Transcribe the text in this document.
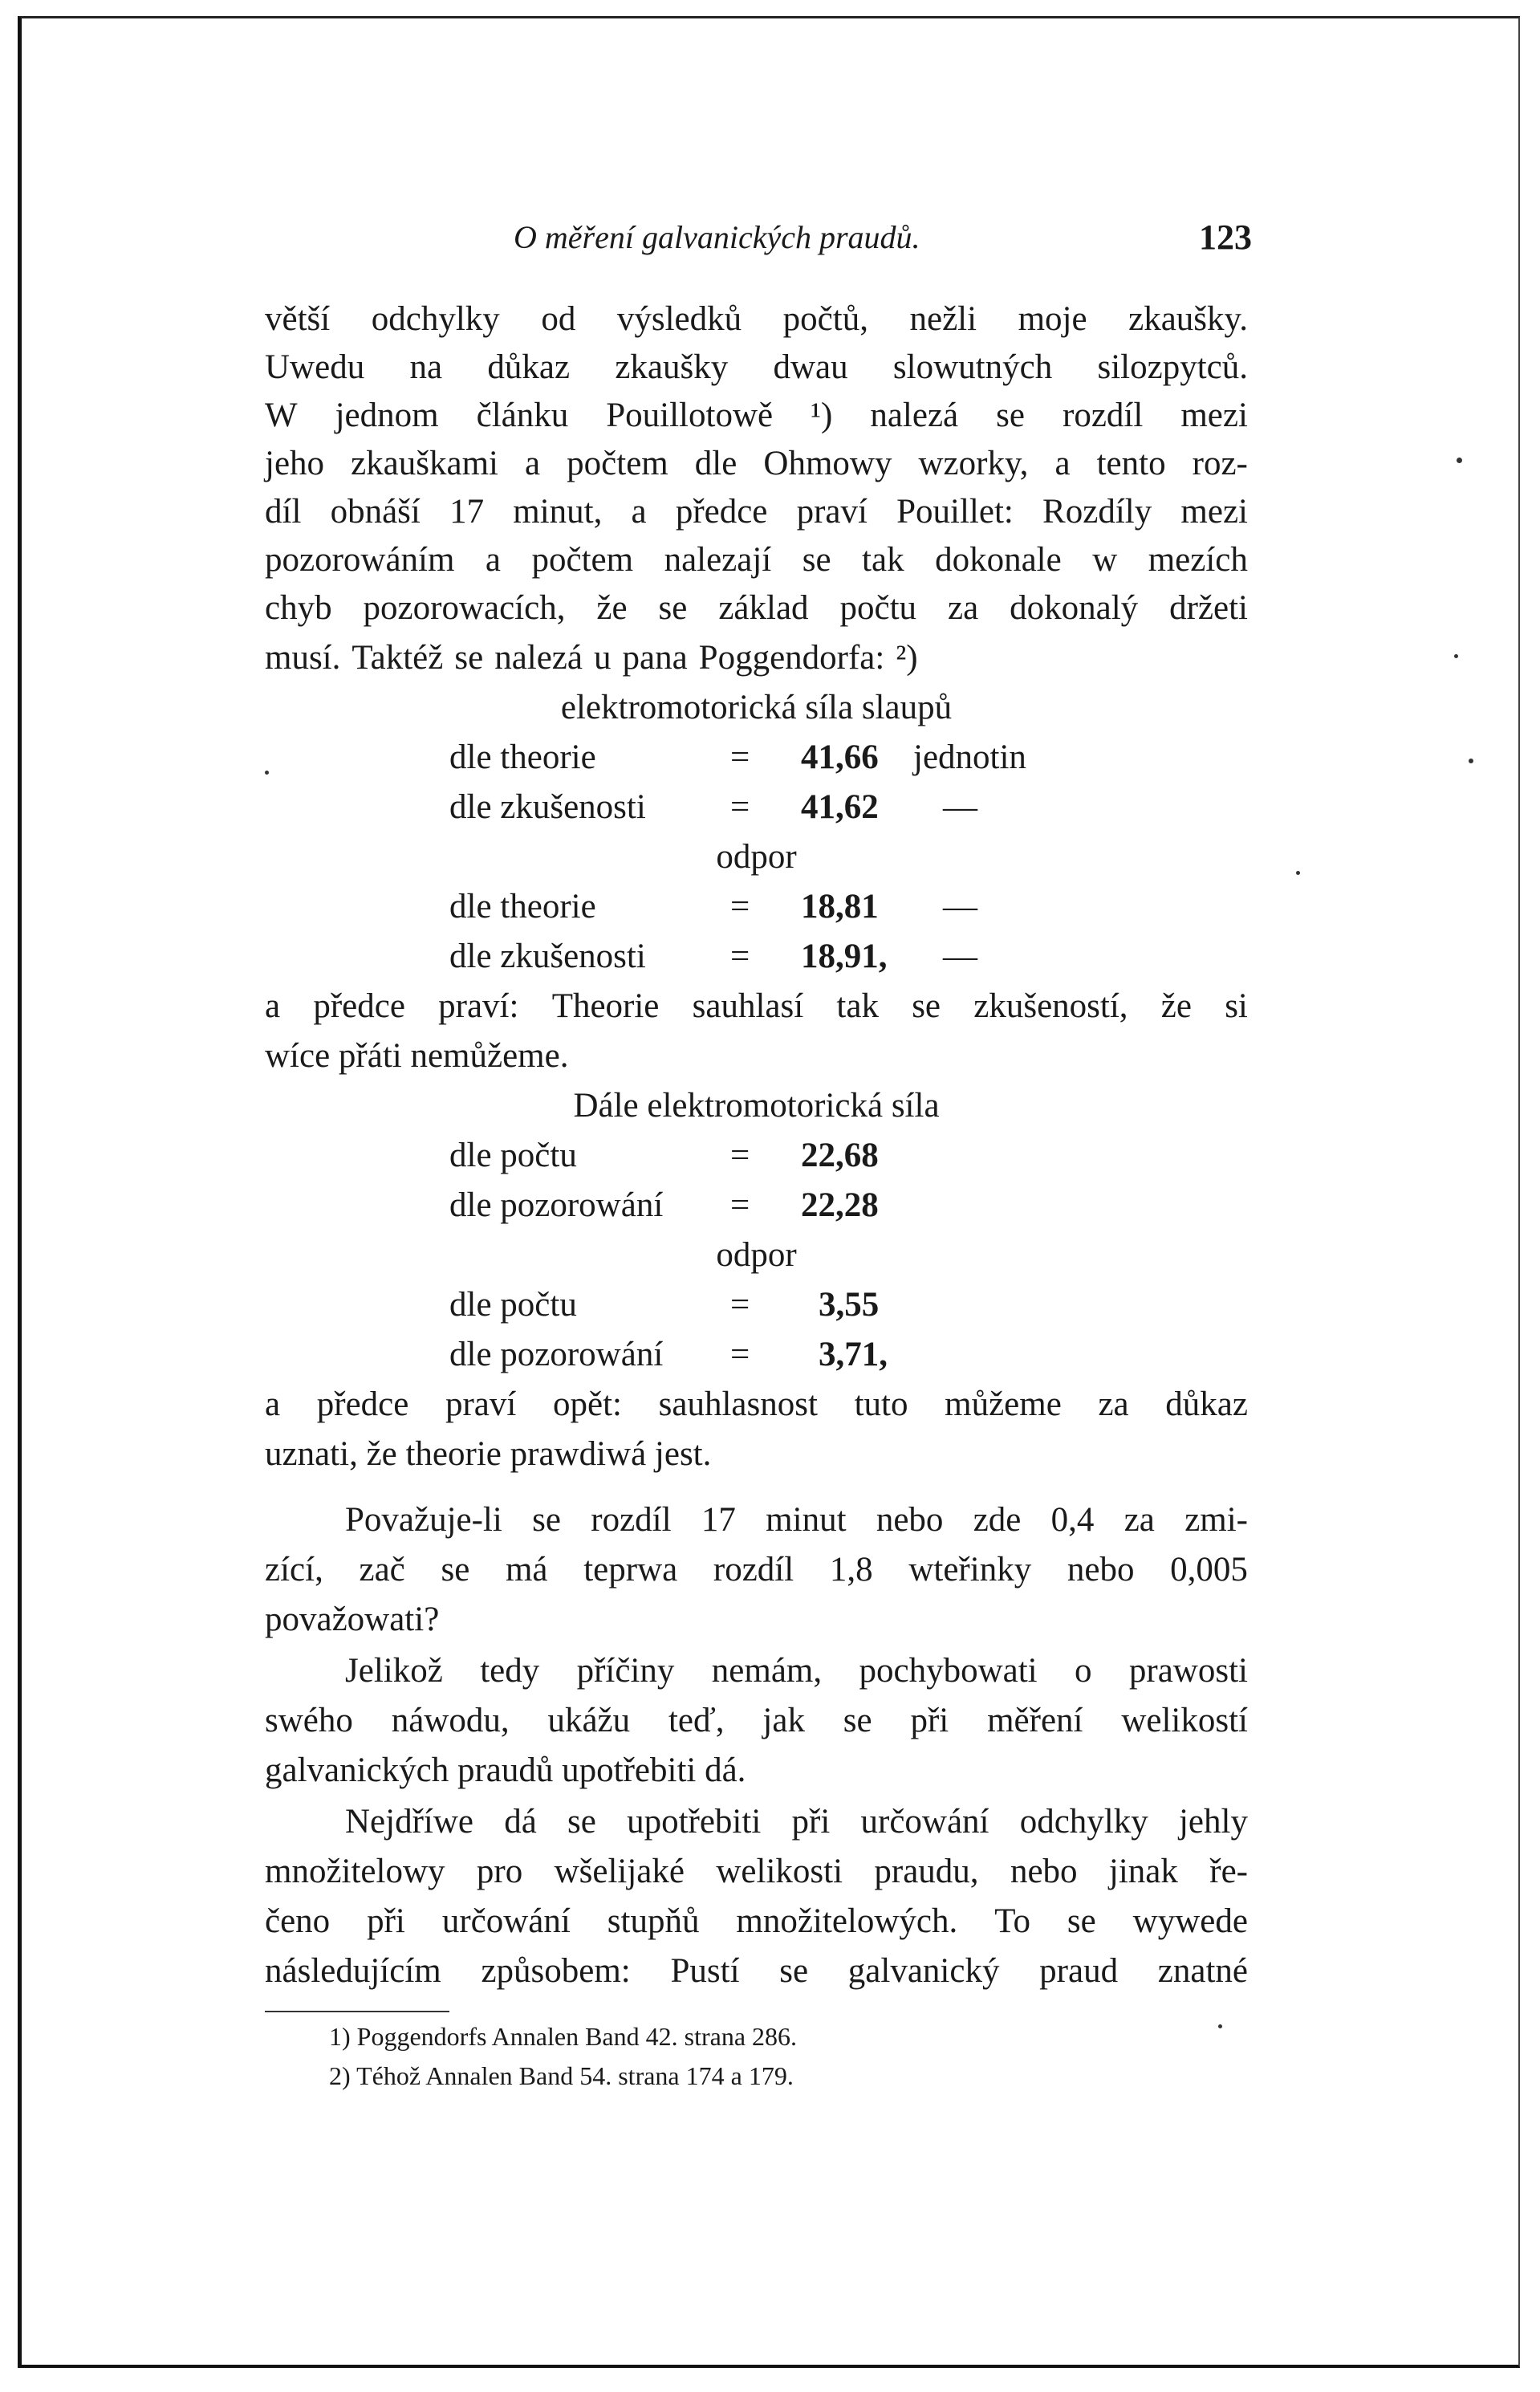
O měření galvanických praudů.	123
větší odchylky od výsledků počtů, nežli moje zkaušky.
Uwedu na důkaz zkaušky dwau slowutných silozpytců.
W jednom článku Pouillotowě ¹) nalezá se rozdíl mezi
jeho zkauškami a počtem dle Ohmowy wzorky, a tento roz-
díl obnáší 17 minut, a předce praví Pouillet: Rozdíly mezi
pozorowáním a počtem nalezají se tak dokonale w mezích
chyb pozorowacích, že se základ počtu za dokonalý držeti
musí. Taktéž se nalezá u pana Poggendorfa: ²)
elektromotorická síla slaupů
dle theorie	= 41,66 jednotin
dle zkušenosti = 41,62 —
odpor
dle theorie	= 18,81 —
dle zkušenosti = 18,91, —
a předce praví: Theorie sauhlasí tak se zkušeností, že si
wíce přáti nemůžeme.
Dále elektromotorická síla
dle počtu	= 22,68
dle pozorowání = 22,28
odpor
dle počtu	= 3,55
dle pozorowání = 3,71,
a předce praví opět: sauhlasnost tuto můžeme za důkaz
uznati, že theorie prawdiwá jest.
Považuje-li se rozdíl 17 minut nebo zde 0,4 za zmi-
zící, zač se má teprwa rozdíl 1,8 wteřinky nebo 0,005
považowati?
Jelikož tedy příčiny nemám, pochybowati o prawosti
swého náwodu, ukážu teď, jak se při měření welikostí
galvanických praudů upotřebiti dá.
Nejdříwe dá se upotřebiti při určowání odchylky jehly
množitelowy pro wšelijaké welikosti praudu, nebo jinak ře-
čeno při určowání stupňů množitelowých. To se wywede
následujícím způsobem: Pustí se galvanický praud znatné
1) Poggendorfs Annalen Band 42. strana 286.
2) Téhož Annalen Band 54. strana 174 a 179.
